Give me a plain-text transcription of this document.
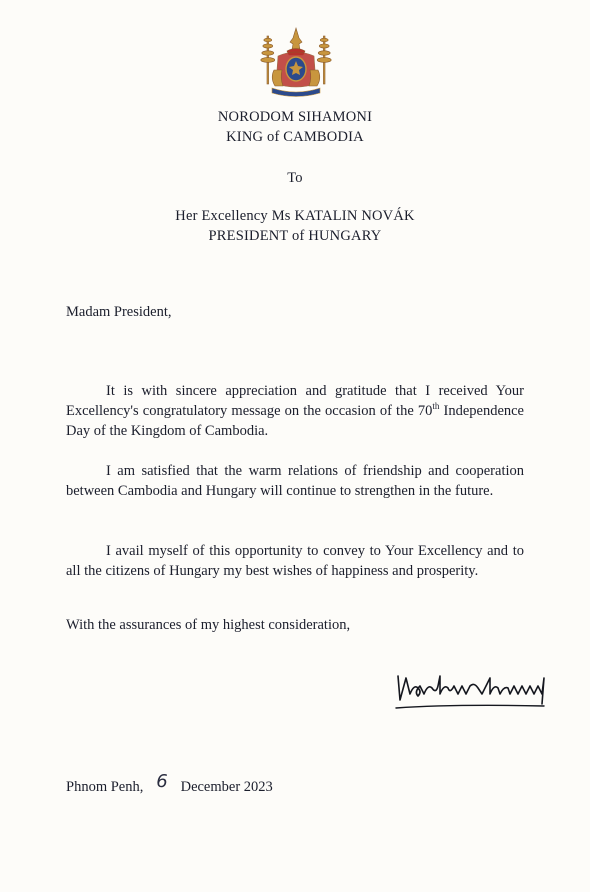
NORODOM SIHAMONI
KING of CAMBODIA
To
Her Excellency Ms KATALIN NOVÁK
PRESIDENT of HUNGARY
Madam President,

It is with sincere appreciation and gratitude that I received Your Excellency's congratulatory message on the occasion of the 70th Independence Day of the Kingdom of Cambodia.

I am satisfied that the warm relations of friendship and cooperation between Cambodia and Hungary will continue to strengthen in the future.

I avail myself of this opportunity to convey to Your Excellency and to all the citizens of Hungary my best wishes of happiness and prosperity.

With the assurances of my highest consideration,
Phnom Penh, 6 December 2023
